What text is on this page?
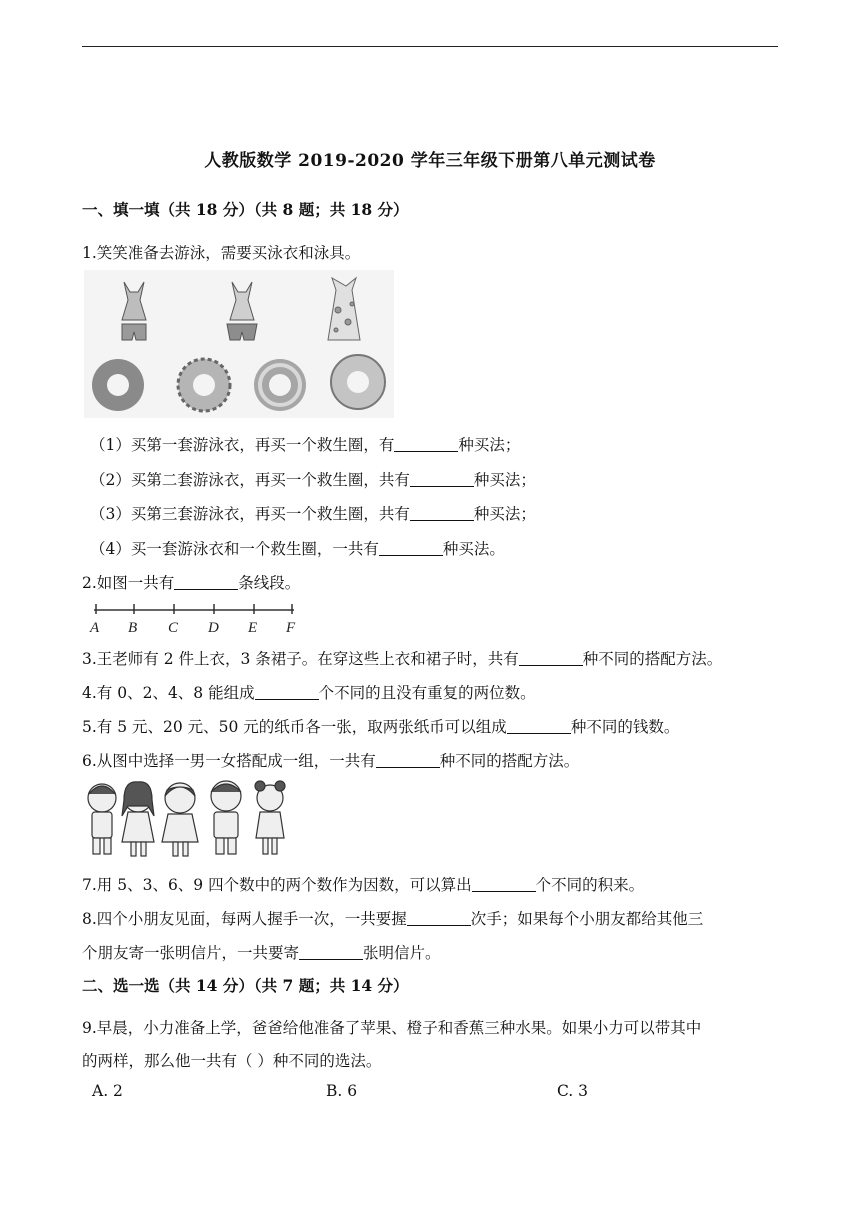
人教版数学 2019-2020 学年三年级下册第八单元测试卷
一、填一填（共 18 分）（共 8 题；共 18 分）
1.笑笑准备去游泳，需要买泳衣和泳具。
（1）买第一套游泳衣，再买一个救生圈，有	种买法；
（2）买第二套游泳衣，再买一个救生圈，共有	种买法；
（3）买第三套游泳衣，再买一个救生圈，共有	种买法；
（4）买一套游泳衣和一个救生圈，一共有	种买法。
2.如图一共有	条线段。
A B C D E F
3.王老师有 2 件上衣，3 条裙子。在穿这些上衣和裙子时，共有	种不同的搭配方法。
4.有 0、2、4、8 能组成	个不同的且没有重复的两位数。
5.有 5 元、20 元、50 元的纸币各一张，取两张纸币可以组成	种不同的钱数。
6.从图中选择一男一女搭配成一组，一共有	种不同的搭配方法。
7.用 5、3、6、9 四个数中的两个数作为因数，可以算出	个不同的积来。
8.四个小朋友见面，每两人握手一次，一共要握	次手；如果每个小朋友都给其他三
个朋友寄一张明信片，一共要寄	张明信片。
二、选一选（共 14 分）（共 7 题；共 14 分）
9.早晨，小力准备上学，爸爸给他准备了苹果、橙子和香蕉三种水果。如果小力可以带其中
的两样，那么他一共有（ ）种不同的选法。
A. 2	B. 6	C. 3
